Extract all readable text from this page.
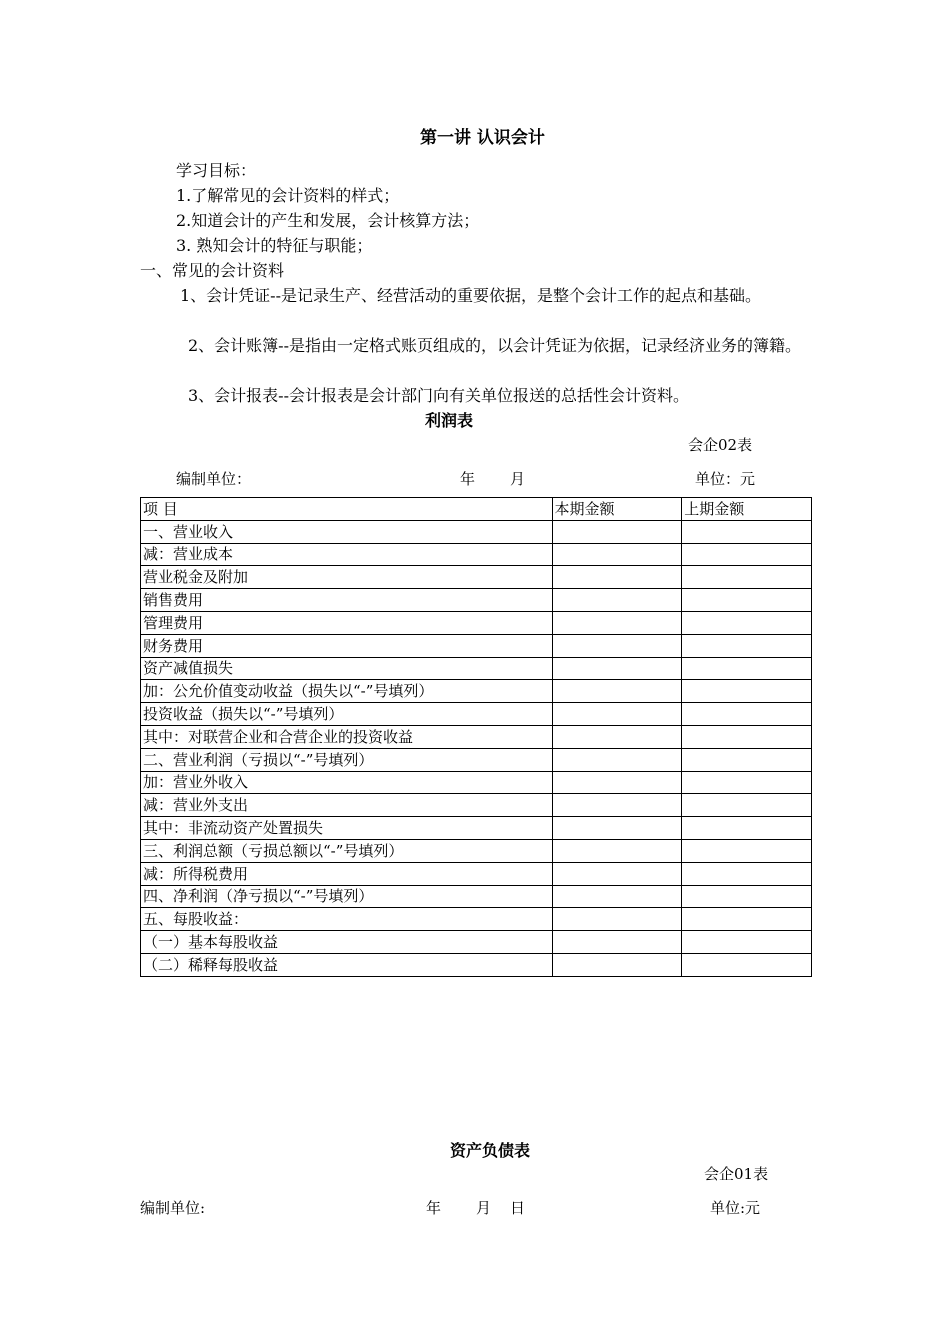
第一讲 认识会计
学习目标：
1.了解常见的会计资料的样式；
2.知道会计的产生和发展，会计核算方法；
3. 熟知会计的特征与职能；
一、常见的会计资料
1、会计凭证--是记录生产、经营活动的重要依据，是整个会计工作的起点和基础。
2、会计账簿--是指由一定格式账页组成的，以会计凭证为依据，记录经济业务的簿籍。
3、会计报表--会计报表是会计部门向有关单位报送的总括性会计资料。
利润表
会企02表
编制单位：	年 月	单位：元
项 目	本期金额	上期金额
一、营业收入		
减：营业成本		
营业税金及附加		
销售费用		
管理费用		
财务费用		
资产减值损失		
加：公允价值变动收益（损失以“-”号填列）		
投资收益（损失以“-”号填列）		
其中：对联营企业和合营企业的投资收益		
二、营业利润（亏损以“-”号填列）		
加：营业外收入		
减：营业外支出		
其中：非流动资产处置损失		
三、利润总额（亏损总额以“-”号填列）		
减：所得税费用		
四、净利润（净亏损以“-”号填列）		
五、每股收益：		
（一）基本每股收益		
（二）稀释每股收益		
资产负债表
会企01表
编制单位:	年 月 日	单位:元
